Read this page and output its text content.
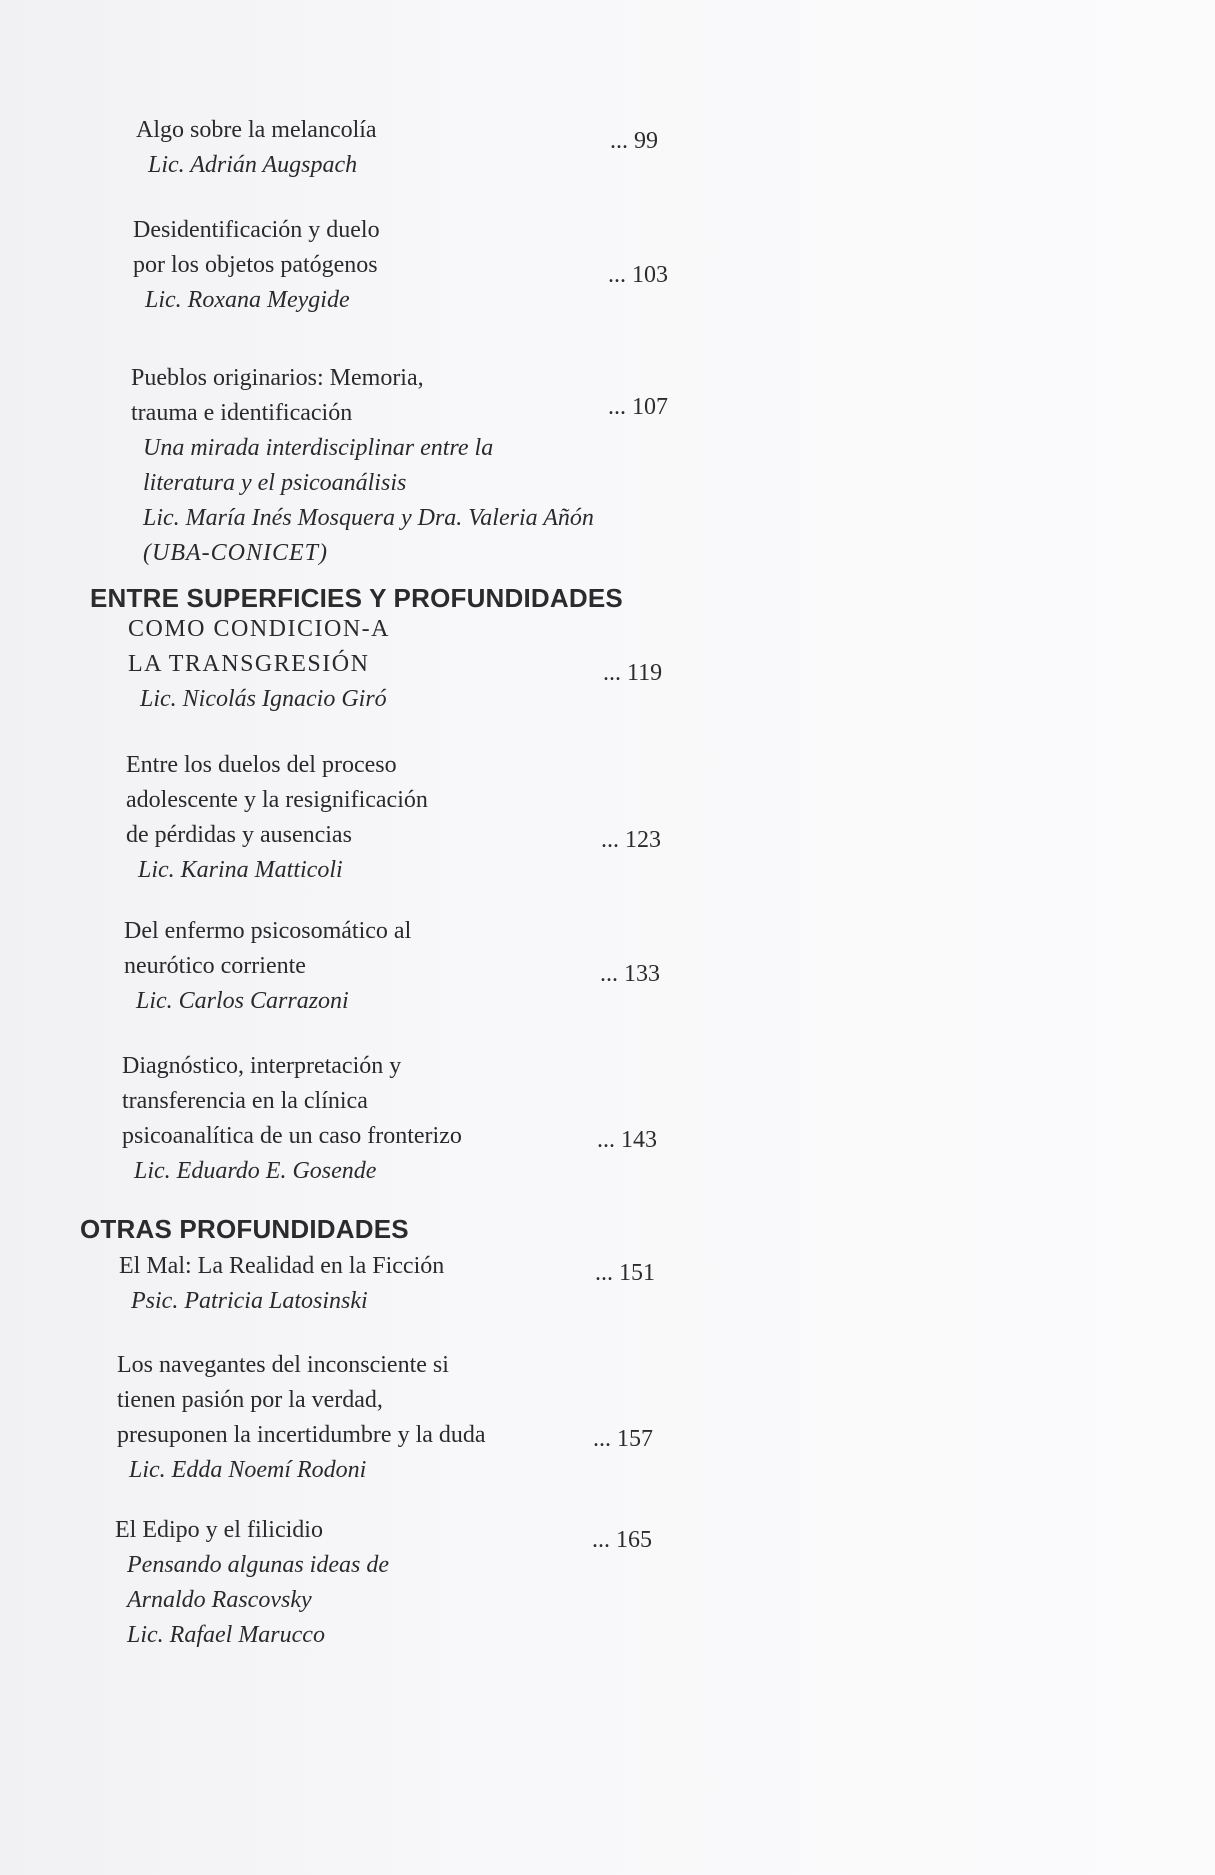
Algo sobre la melancolía
Lic. Adrián Augspach
... 99
Desidentificación y duelo
por los objetos patógenos
Lic. Roxana Meygide
... 103
Pueblos originarios: Memoria,
trauma e identificación
Una mirada interdisciplinar entre la
literatura y el psicoanálisis
Lic. María Inés Mosquera y Dra. Valeria Añón
(UBA-CONICET)
... 107
ENTRE SUPERFICIES Y PROFUNDIDADES
COMO CONDICION-A
LA TRANSGRESIÓN
Lic. Nicolás Ignacio Giró
... 119
Entre los duelos del proceso
adolescente y la resignificación
de pérdidas y ausencias
Lic. Karina Matticoli
... 123
Del enfermo psicosomático al
neurótico corriente
Lic. Carlos Carrazoni
... 133
Diagnóstico, interpretación y
transferencia en la clínica
psicoanalítica de un caso fronterizo
Lic. Eduardo E. Gosende
... 143
OTRAS PROFUNDIDADES
El Mal: La Realidad en la Ficción
Psic. Patricia Latosinski
... 151
Los navegantes del inconsciente si
tienen pasión por la verdad,
presuponen la incertidumbre y la duda
Lic. Edda Noemí Rodoni
... 157
El Edipo y el filicidio
Pensando algunas ideas de
Arnaldo Rascovsky
Lic. Rafael Marucco
... 165
